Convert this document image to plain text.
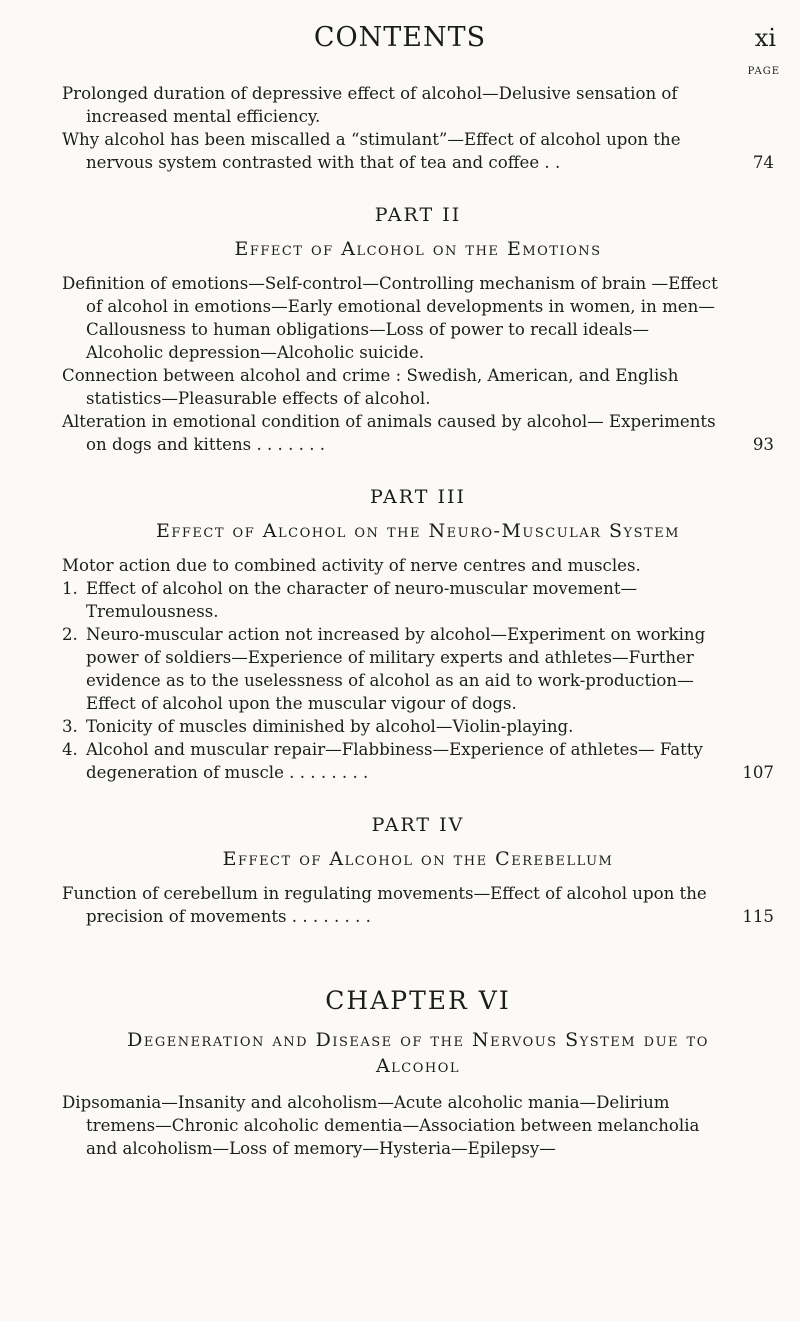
CONTENTS	xi
PAGE

Prolonged duration of depressive effect of alcohol—Delusive sensation of increased mental efficiency.

Why alcohol has been miscalled a “stimulant”—Effect of alcohol upon the nervous system contrasted with that of tea and coffee . .	74

PART II
Effect of Alcohol on the Emotions

Definition of emotions—Self-control—Controlling mechanism of brain —Effect of alcohol in emotions—Early emotional developments in women, in men—Callousness to human obligations—Loss of power to recall ideals—Alcoholic depression—Alcoholic suicide.

Connection between alcohol and crime : Swedish, American, and English statistics—Pleasurable effects of alcohol.

Alteration in emotional condition of animals caused by alcohol— Experiments on dogs and kittens . . . . . . .	93

PART III
Effect of Alcohol on the Neuro-Muscular System

Motor action due to combined activity of nerve centres and muscles.

1. Effect of alcohol on the character of neuro-muscular movement— Tremulousness.

2. Neuro-muscular action not increased by alcohol—Experiment on working power of soldiers—Experience of military experts and athletes—Further evidence as to the uselessness of alcohol as an aid to work-production—Effect of alcohol upon the muscular vigour of dogs.

3. Tonicity of muscles diminished by alcohol—Violin-playing.

4. Alcohol and muscular repair—Flabbiness—Experience of athletes— Fatty degeneration of muscle . . . . . . . .	107

PART IV
Effect of Alcohol on the Cerebellum

Function of cerebellum in regulating movements—Effect of alcohol upon the precision of movements . . . . . . . .	115

CHAPTER VI
Degeneration and Disease of the Nervous System due to
Alcohol

Dipsomania—Insanity and alcoholism—Acute alcoholic mania—Delirium tremens—Chronic alcoholic dementia—Association between melancholia and alcoholism—Loss of memory—Hysteria—Epilepsy—
